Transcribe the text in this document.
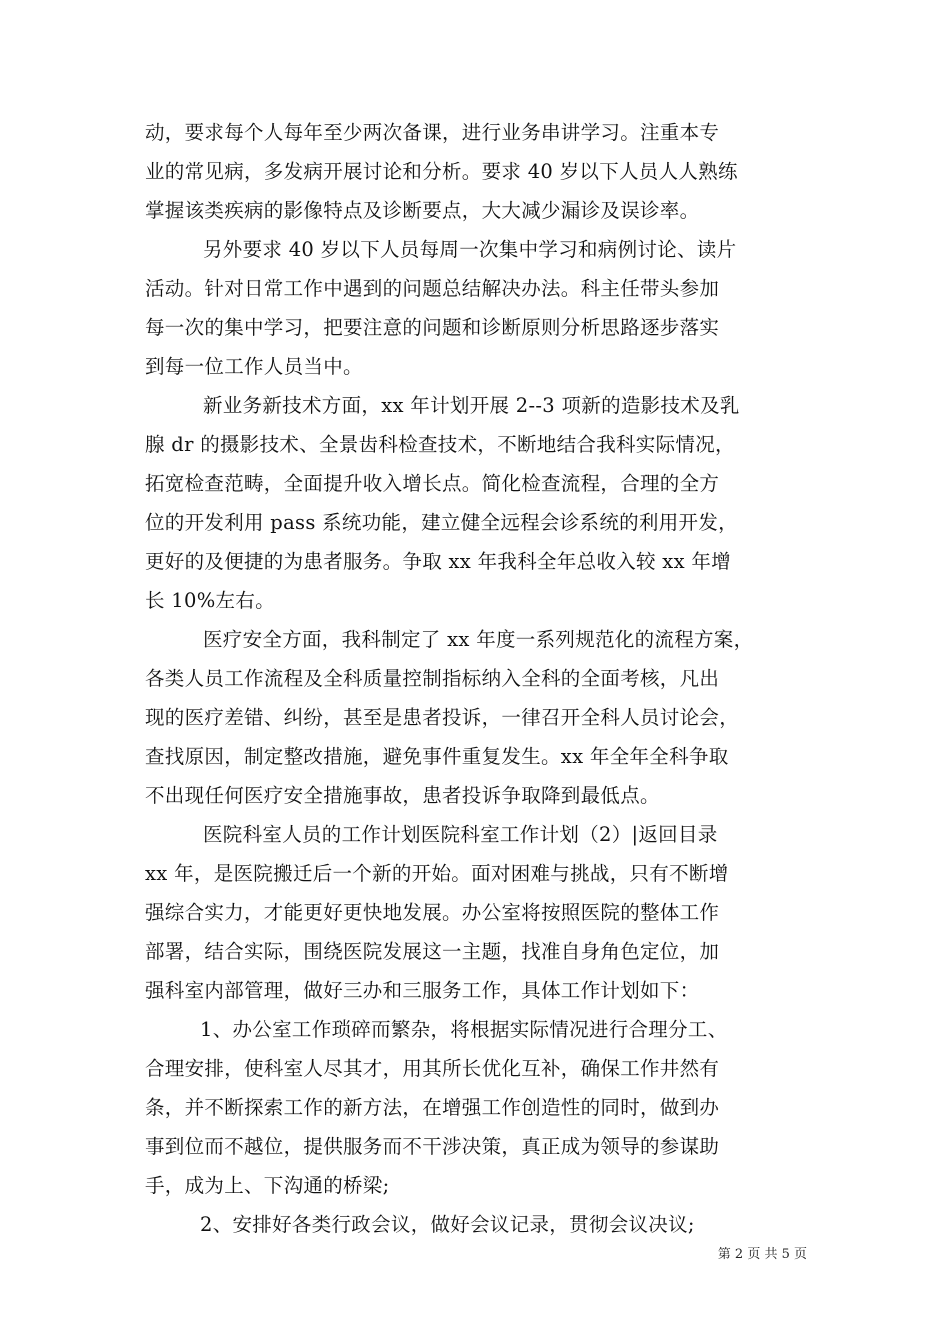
动，要求每个人每年至少两次备课，进行业务串讲学习。注重本专
业的常见病，多发病开展讨论和分析。要求 40 岁以下人员人人熟练
掌握该类疾病的影像特点及诊断要点，大大减少漏诊及误诊率。
另外要求 40 岁以下人员每周一次集中学习和病例讨论、读片
活动。针对日常工作中遇到的问题总结解决办法。科主任带头参加
每一次的集中学习，把要注意的问题和诊断原则分析思路逐步落实
到每一位工作人员当中。
新业务新技术方面，xx 年计划开展 2--3 项新的造影技术及乳
腺 dr 的摄影技术、全景齿科检查技术，不断地结合我科实际情况，
拓宽检查范畴，全面提升收入增长点。简化检查流程，合理的全方
位的开发利用 pass 系统功能，建立健全远程会诊系统的利用开发，
更好的及便捷的为患者服务。争取 xx 年我科全年总收入较 xx 年增
长 10%左右。
医疗安全方面，我科制定了 xx 年度一系列规范化的流程方案，
各类人员工作流程及全科质量控制指标纳入全科的全面考核，凡出
现的医疗差错、纠纷，甚至是患者投诉，一律召开全科人员讨论会，
查找原因，制定整改措施，避免事件重复发生。xx 年全年全科争取
不出现任何医疗安全措施事故，患者投诉争取降到最低点。
医院科室人员的工作计划医院科室工作计划（2）|返回目录
xx 年，是医院搬迁后一个新的开始。面对困难与挑战，只有不断增
强综合实力，才能更好更快地发展。办公室将按照医院的整体工作
部署，结合实际，围绕医院发展这一主题，找准自身角色定位，加
强科室内部管理，做好三办和三服务工作，具体工作计划如下：
1、办公室工作琐碎而繁杂，将根据实际情况进行合理分工、
合理安排，使科室人尽其才，用其所长优化互补，确保工作井然有
条，并不断探索工作的新方法，在增强工作创造性的同时，做到办
事到位而不越位，提供服务而不干涉决策，真正成为领导的参谋助
手，成为上、下沟通的桥梁;
2、安排好各类行政会议，做好会议记录，贯彻会议决议;
第 2 页 共 5 页
